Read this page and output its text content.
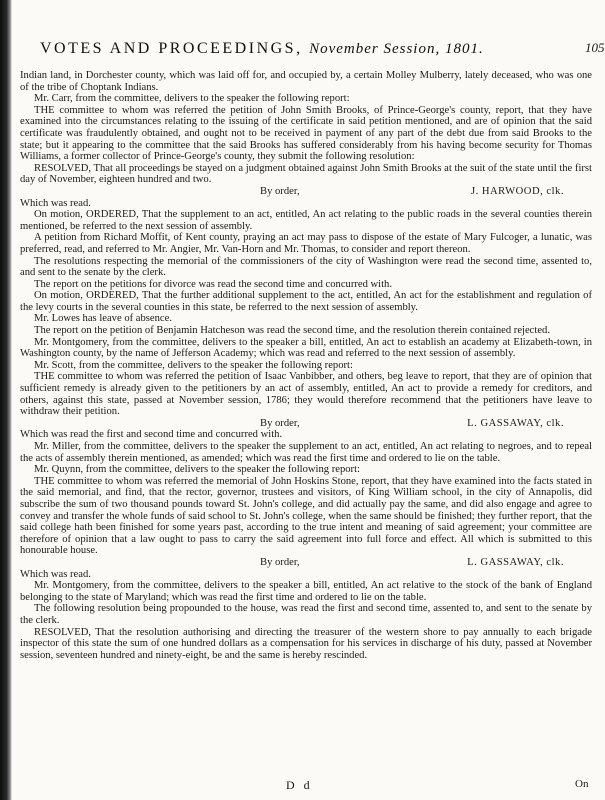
VOTES AND PROCEEDINGS, November Session, 1801.	105

Indian land, in Dorchester county, which was laid off for, and occupied by, a certain Molley Mulberry, lately deceased, who was one of the tribe of Choptank Indians.

Mr. Carr, from the committee, delivers to the speaker the following report:

THE committee to whom was referred the petition of John Smith Brooks, of Prince-George's county, report, that they have examined into the circumstances relating to the issuing of the certificate in said petition mentioned, and are of opinion that the said certificate was fraudulently obtained, and ought not to be received in payment of any part of the debt due from said Brooks to the state; but it appearing to the committee that the said Brooks has suffered considerably from his having become security for Thomas Williams, a former collector of Prince-George's county, they submit the following resolution:

RESOLVED, That all proceedings be stayed on a judgment obtained against John Smith Brooks at the suit of the state until the first day of November, eighteen hundred and two.

By order,	J. HARWOOD, clk.

Which was read.

On motion, ORDERED, That the supplement to an act, entitled, An act relating to the public roads in the several counties therein mentioned, be referred to the next session of assembly.

A petition from Richard Moffit, of Kent county, praying an act may pass to dispose of the estate of Mary Fulcoger, a lunatic, was preferred, read, and referred to Mr. Angier, Mr. Van-Horn and Mr. Thomas, to consider and report thereon.

The resolutions respecting the memorial of the commissioners of the city of Washington were read the second time, assented to, and sent to the senate by the clerk.

The report on the petitions for divorce was read the second time and concurred with.

On motion, ORDERED, That the further additional supplement to the act, entitled, An act for the establishment and regulation of the levy courts in the several counties in this state, be referred to the next session of assembly.

Mr. Lowes has leave of absence.

The report on the petition of Benjamin Hatcheson was read the second time, and the resolution therein contained rejected.

Mr. Montgomery, from the committee, delivers to the speaker a bill, entitled, An act to establish an academy at Elizabeth-town, in Washington county, by the name of Jefferson Academy; which was read and referred to the next session of assembly.

Mr. Scott, from the committee, delivers to the speaker the following report:

THE committee to whom was referred the petition of Isaac Vanbibber, and others, beg leave to report, that they are of opinion that sufficient remedy is already given to the petitioners by an act of assembly, entitled, An act to provide a remedy for creditors, and others, against this state, passed at November session, 1786; they would therefore recommend that the petitioners have leave to withdraw their petition.

By order,	L. GASSAWAY, clk.

Which was read the first and second time and concurred with.

Mr. Miller, from the committee, delivers to the speaker the supplement to an act, entitled, An act relating to negroes, and to repeal the acts of assembly therein mentioned, as amended; which was read the first time and ordered to lie on the table.

Mr. Quynn, from the committee, delivers to the speaker the following report:

THE committee to whom was referred the memorial of John Hoskins Stone, report, that they have examined into the facts stated in the said memorial, and find, that the rector, governor, trustees and visitors, of King William school, in the city of Annapolis, did subscribe the sum of two thousand pounds toward St. John's college, and did actually pay the same, and did also engage and agree to convey and transfer the whole funds of said school to St. John's college, when the same should be finished; they further report, that the said college hath been finished for some years past, according to the true intent and meaning of said agreement; your committee are therefore of opinion that a law ought to pass to carry the said agreement into full force and effect. All which is submitted to this honourable house.

By order,	L. GASSAWAY, clk.

Which was read.

Mr. Montgomery, from the committee, delivers to the speaker a bill, entitled, An act relative to the stock of the bank of England belonging to the state of Maryland; which was read the first time and ordered to lie on the table.

The following resolution being propounded to the house, was read the first and second time, assented to, and sent to the senate by the clerk.

RESOLVED, That the resolution authorising and directing the treasurer of the western shore to pay annually to each brigade inspector of this state the sum of one hundred dollars as a compensation for his services in discharge of his duty, passed at November session, seventeen hundred and ninety-eight, be and the same is hereby rescinded.

D d	On
